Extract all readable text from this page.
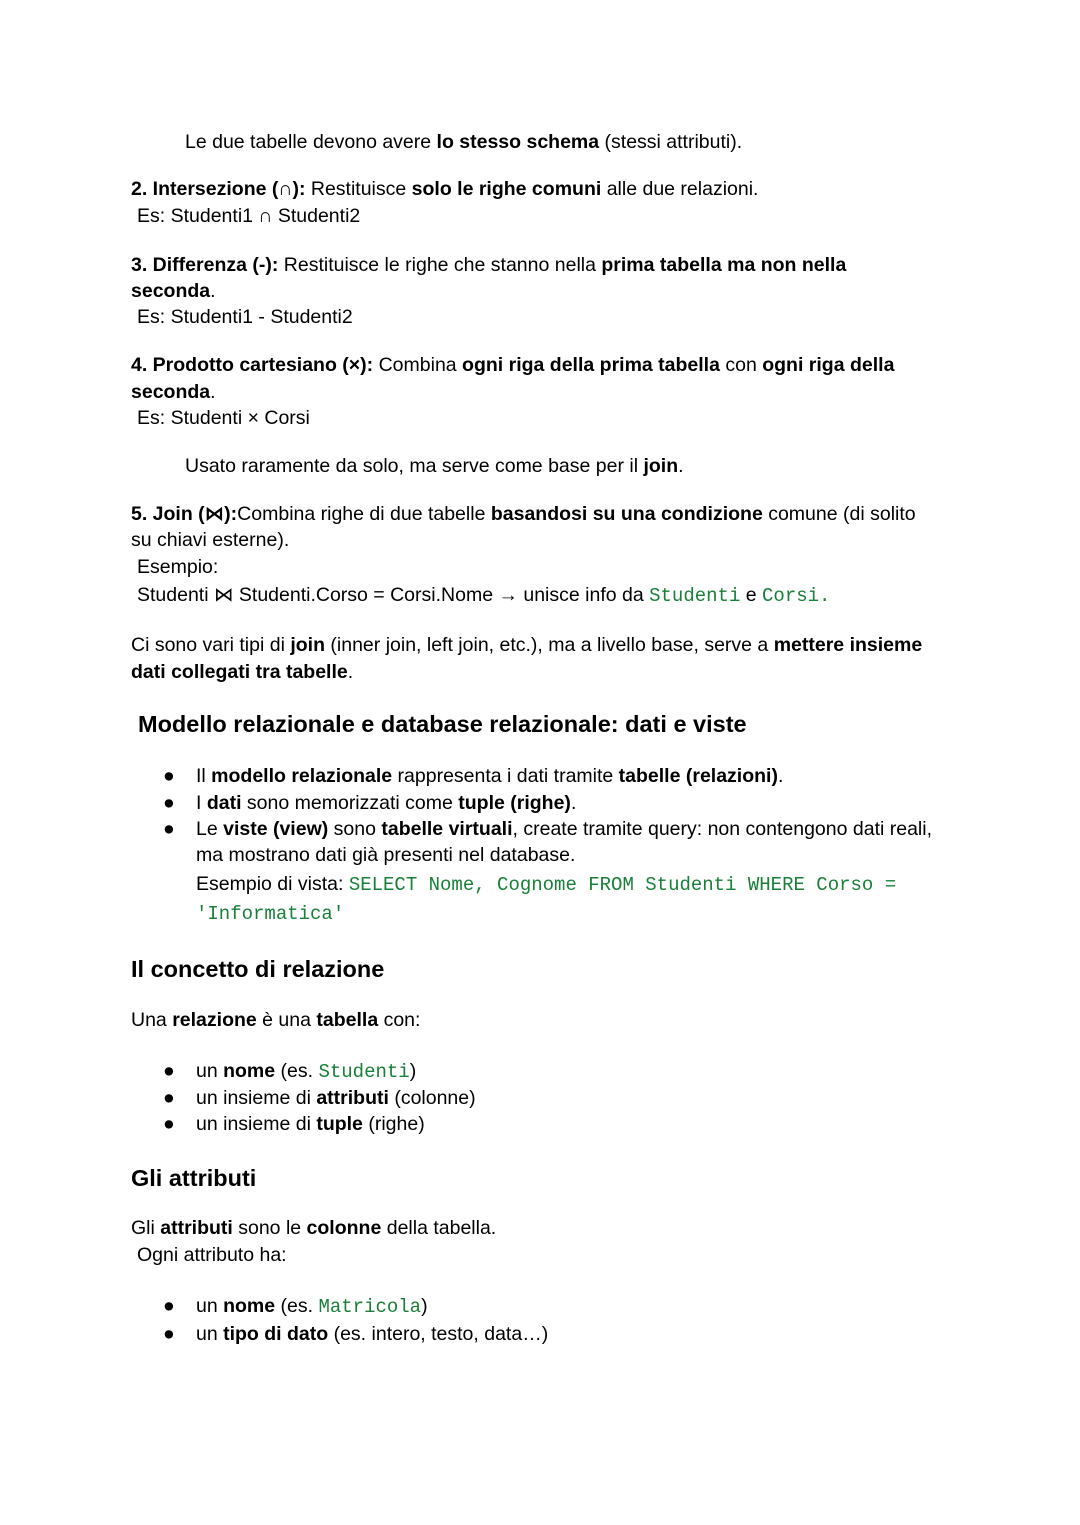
Le due tabelle devono avere lo stesso schema (stessi attributi).
2. Intersezione (∩): Restituisce solo le righe comuni alle due relazioni.
Es: Studenti1 ∩ Studenti2
3. Differenza (-): Restituisce le righe che stanno nella prima tabella ma non nella
seconda.
Es: Studenti1 - Studenti2
4. Prodotto cartesiano (×): Combina ogni riga della prima tabella con ogni riga della
seconda.
Es: Studenti × Corsi
Usato raramente da solo, ma serve come base per il join.
5. Join (⋈):Combina righe di due tabelle basandosi su una condizione comune (di solito
su chiavi esterne).
Esempio:
Studenti ⋈ Studenti.Corso = Corsi.Nome → unisce info da Studenti e Corsi.
Ci sono vari tipi di join (inner join, left join, etc.), ma a livello base, serve a mettere insieme
dati collegati tra tabelle.
Modello relazionale e database relazionale: dati e viste
● Il modello relazionale rappresenta i dati tramite tabelle (relazioni).
● I dati sono memorizzati come tuple (righe).
● Le viste (view) sono tabelle virtuali, create tramite query: non contengono dati reali,
ma mostrano dati già presenti nel database.
Esempio di vista: SELECT Nome, Cognome FROM Studenti WHERE Corso =
'Informatica'
Il concetto di relazione
Una relazione è una tabella con:
● un nome (es. Studenti)
● un insieme di attributi (colonne)
● un insieme di tuple (righe)
Gli attributi
Gli attributi sono le colonne della tabella.
Ogni attributo ha:
● un nome (es. Matricola)
● un tipo di dato (es. intero, testo, data…)
